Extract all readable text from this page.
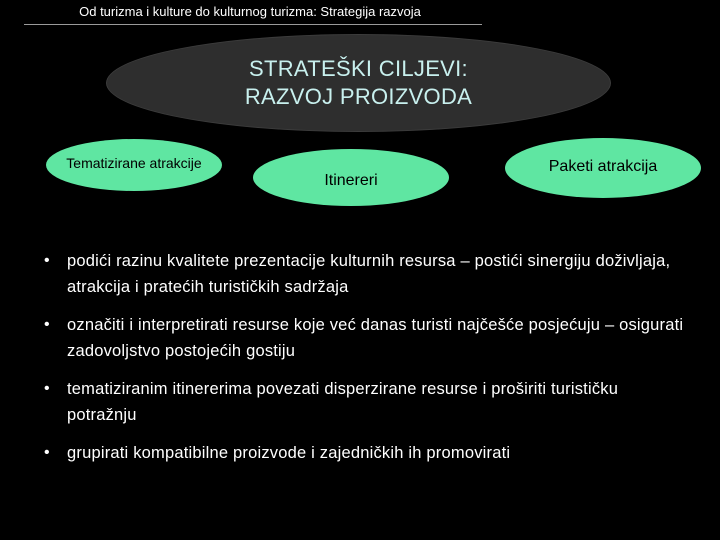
Od turizma i kulture do kulturnog turizma: Strategija razvoja
STRATEŠKI CILJEVI:
RAZVOJ PROIZVODA
Tematizirane atrakcije
Itinereri
Paketi atrakcija
• podići razinu kvalitete prezentacije kulturnih resursa – postići sinergiju doživljaja, atrakcija i pratećih turističkih sadržaja
• označiti i interpretirati resurse koje već danas turisti najčešće posjećuju – osigurati zadovoljstvo postojećih gostiju
• tematiziranim itinererima povezati disperzirane resurse i proširiti turističku potražnju
• grupirati kompatibilne proizvode i zajedničkih ih promovirati
